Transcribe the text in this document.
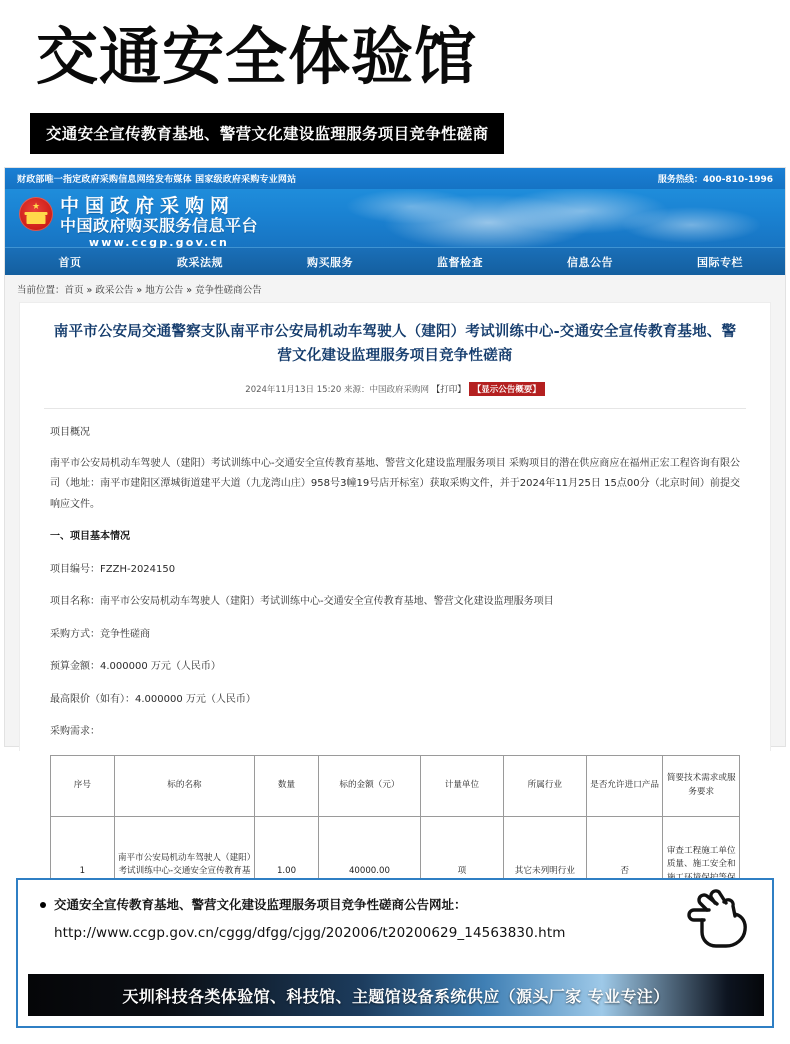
交通安全体验馆
交通安全宣传教育基地、警营文化建设监理服务项目竞争性磋商
财政部唯一指定政府采购信息网络发布媒体 国家级政府采购专业网站	服务热线：400-810-1996
★ 中国政府采购网
中国政府购买服务信息平台
www.ccgp.gov.cn
首页	政采法规	购买服务	监督检查	信息公告	国际专栏
当前位置：首页 » 政采公告 » 地方公告 » 竞争性磋商公告
南平市公安局交通警察支队南平市公安局机动车驾驶人（建阳）考试训练中心-交通安全宣传教育基地、警营文化建设监理服务项目竞争性磋商
2024年11月13日 15:20 来源：中国政府采购网 【打印】 【显示公告概要】

项目概况

南平市公安局机动车驾驶人（建阳）考试训练中心-交通安全宣传教育基地、警营文化建设监理服务项目 采购项目的潜在供应商应在福州正宏工程咨询有限公司（地址：南平市建阳区潭城街道建平大道（九龙湾山庄）958号3幢19号店开标室）获取采购文件，并于2024年11月25日 15点00分（北京时间）前提交响应文件。

一、项目基本情况

项目编号：FZZH-2024150

项目名称：南平市公安局机动车驾驶人（建阳）考试训练中心-交通安全宣传教育基地、警营文化建设监理服务项目

采购方式：竞争性磋商

预算金额：4.000000 万元（人民币）

最高限价（如有）：4.000000 万元（人民币）

采购需求：

序号	标的名称	数量	标的金额（元）	计量单位	所属行业	是否允许进口产品	简要技术需求或服务要求
1	南平市公安局机动车驾驶人（建阳）考试训练中心-交通安全宣传教育基	1.00	40000.00	项	其它未列明行业	否	审查工程施工单位质量、施工安全和
交通安全宣传教育基地、警营文化建设监理服务项目竞争性磋商公告网址：
http://www.ccgp.gov.cn/cggg/dfgg/cjgg/202006/t20200629_14563830.htm
天圳科技各类体验馆、科技馆、主题馆设备系统供应（源头厂家 专业专注）
